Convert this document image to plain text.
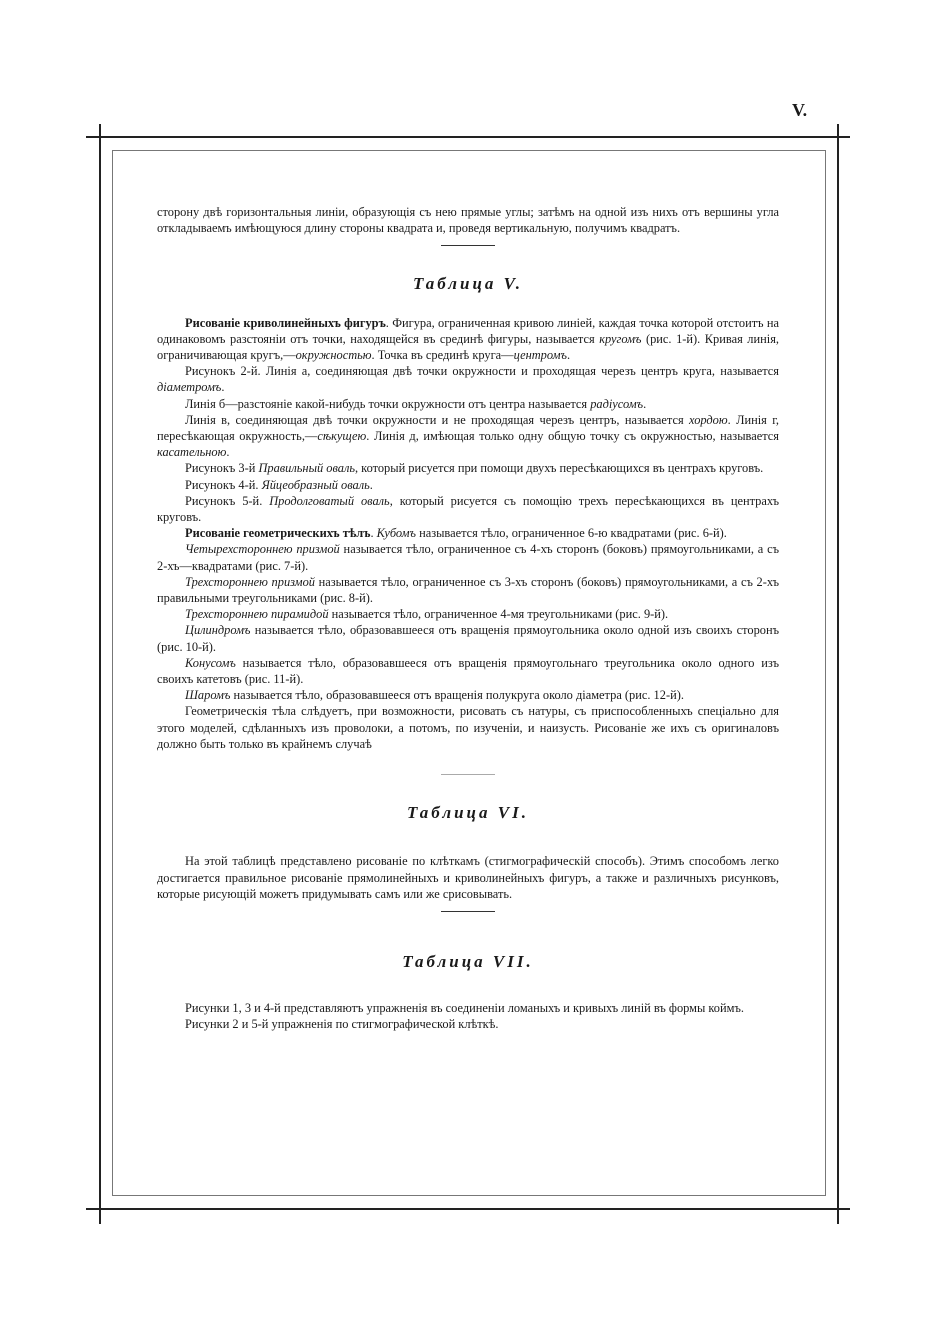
V.

сторону двѣ горизонтальныя линіи, образующія съ нею прямые углы; затѣмъ на одной изъ нихъ отъ вершины угла откладываемъ имѣющуюся длину стороны квадрата и, проведя вертикальную, получимъ квадратъ.

Таблица V.

Рисованіе криволинейныхъ фигуръ. Фигура, ограниченная кривою линіей, каждая точка которой отстоитъ на одинаковомъ разстояніи отъ точки, находящейся въ срединѣ фигуры, называется кругомъ (рис. 1-й). Кривая линія, ограничивающая кругъ,—окружностью. Точка въ срединѣ круга—центромъ.

Рисунокъ 2-й. Линія а, соединяющая двѣ точки окружности и проходящая черезъ центръ круга, называется діаметромъ.

Линія б—разстояніе какой-нибудь точки окружности отъ центра называется радіусомъ.

Линія в, соединяющая двѣ точки окружности и не проходящая черезъ центръ, называется хордою. Линія г, пересѣкающая окружность,—сѣкущею. Линія д, имѣющая только одну общую точку съ окружностью, называется касательною.

Рисунокъ 3-й Правильный оваль, который рисуется при помощи двухъ пересѣкающихся въ центрахъ круговъ.

Рисунокъ 4-й. Яйцеобразный оваль.

Рисунокъ 5-й. Продолговатый оваль, который рисуется съ помощію трехъ пересѣкающихся въ центрахъ круговъ.

Рисованіе геометрическихъ тѣлъ. Кубомъ называется тѣло, ограниченное 6-ю квадратами (рис. 6-й).

Четырехстороннею призмой называется тѣло, ограниченное съ 4-хъ сторонъ (боковъ) прямоугольниками, а съ 2-хъ—квадратами (рис. 7-й).

Трехстороннею призмой называется тѣло, ограниченное съ 3-хъ сторонъ (боковъ) прямоугольниками, а съ 2-хъ правильными треугольниками (рис. 8-й).

Трехстороннею пирамидой называется тѣло, ограниченное 4-мя треугольниками (рис. 9-й).

Цилиндромъ называется тѣло, образовавшееся отъ вращенія прямоугольника около одной изъ своихъ сторонъ (рис. 10-й).

Конусомъ называется тѣло, образовавшееся отъ вращенія прямоугольнаго треугольника около одного изъ своихъ катетовъ (рис. 11-й).

Шаромъ называется тѣло, образовавшееся отъ вращенія полукруга около діаметра (рис. 12-й).

Геометрическія тѣла слѣдуетъ, при возможности, рисовать съ натуры, съ приспособленныхъ спеціально для этого моделей, сдѣланныхъ изъ проволоки, а потомъ, по изученіи, и наизусть. Рисованіе же ихъ съ оригиналовъ должно быть только въ крайнемъ случаѣ

Таблица VI.

На этой таблицѣ представлено рисованіе по клѣткамъ (стигмографическій способъ). Этимъ способомъ легко достигается правильное рисованіе прямолинейныхъ и криволинейныхъ фигуръ, а также и различныхъ рисунковъ, которые рисующій можетъ придумывать самъ или же срисовывать.

Таблица VII.

Рисунки 1, 3 и 4-й представляютъ упражненія въ соединеніи ломаныхъ и кривыхъ линій въ формы коймъ.

Рисунки 2 и 5-й упражненія по стигмографической клѣткѣ.
